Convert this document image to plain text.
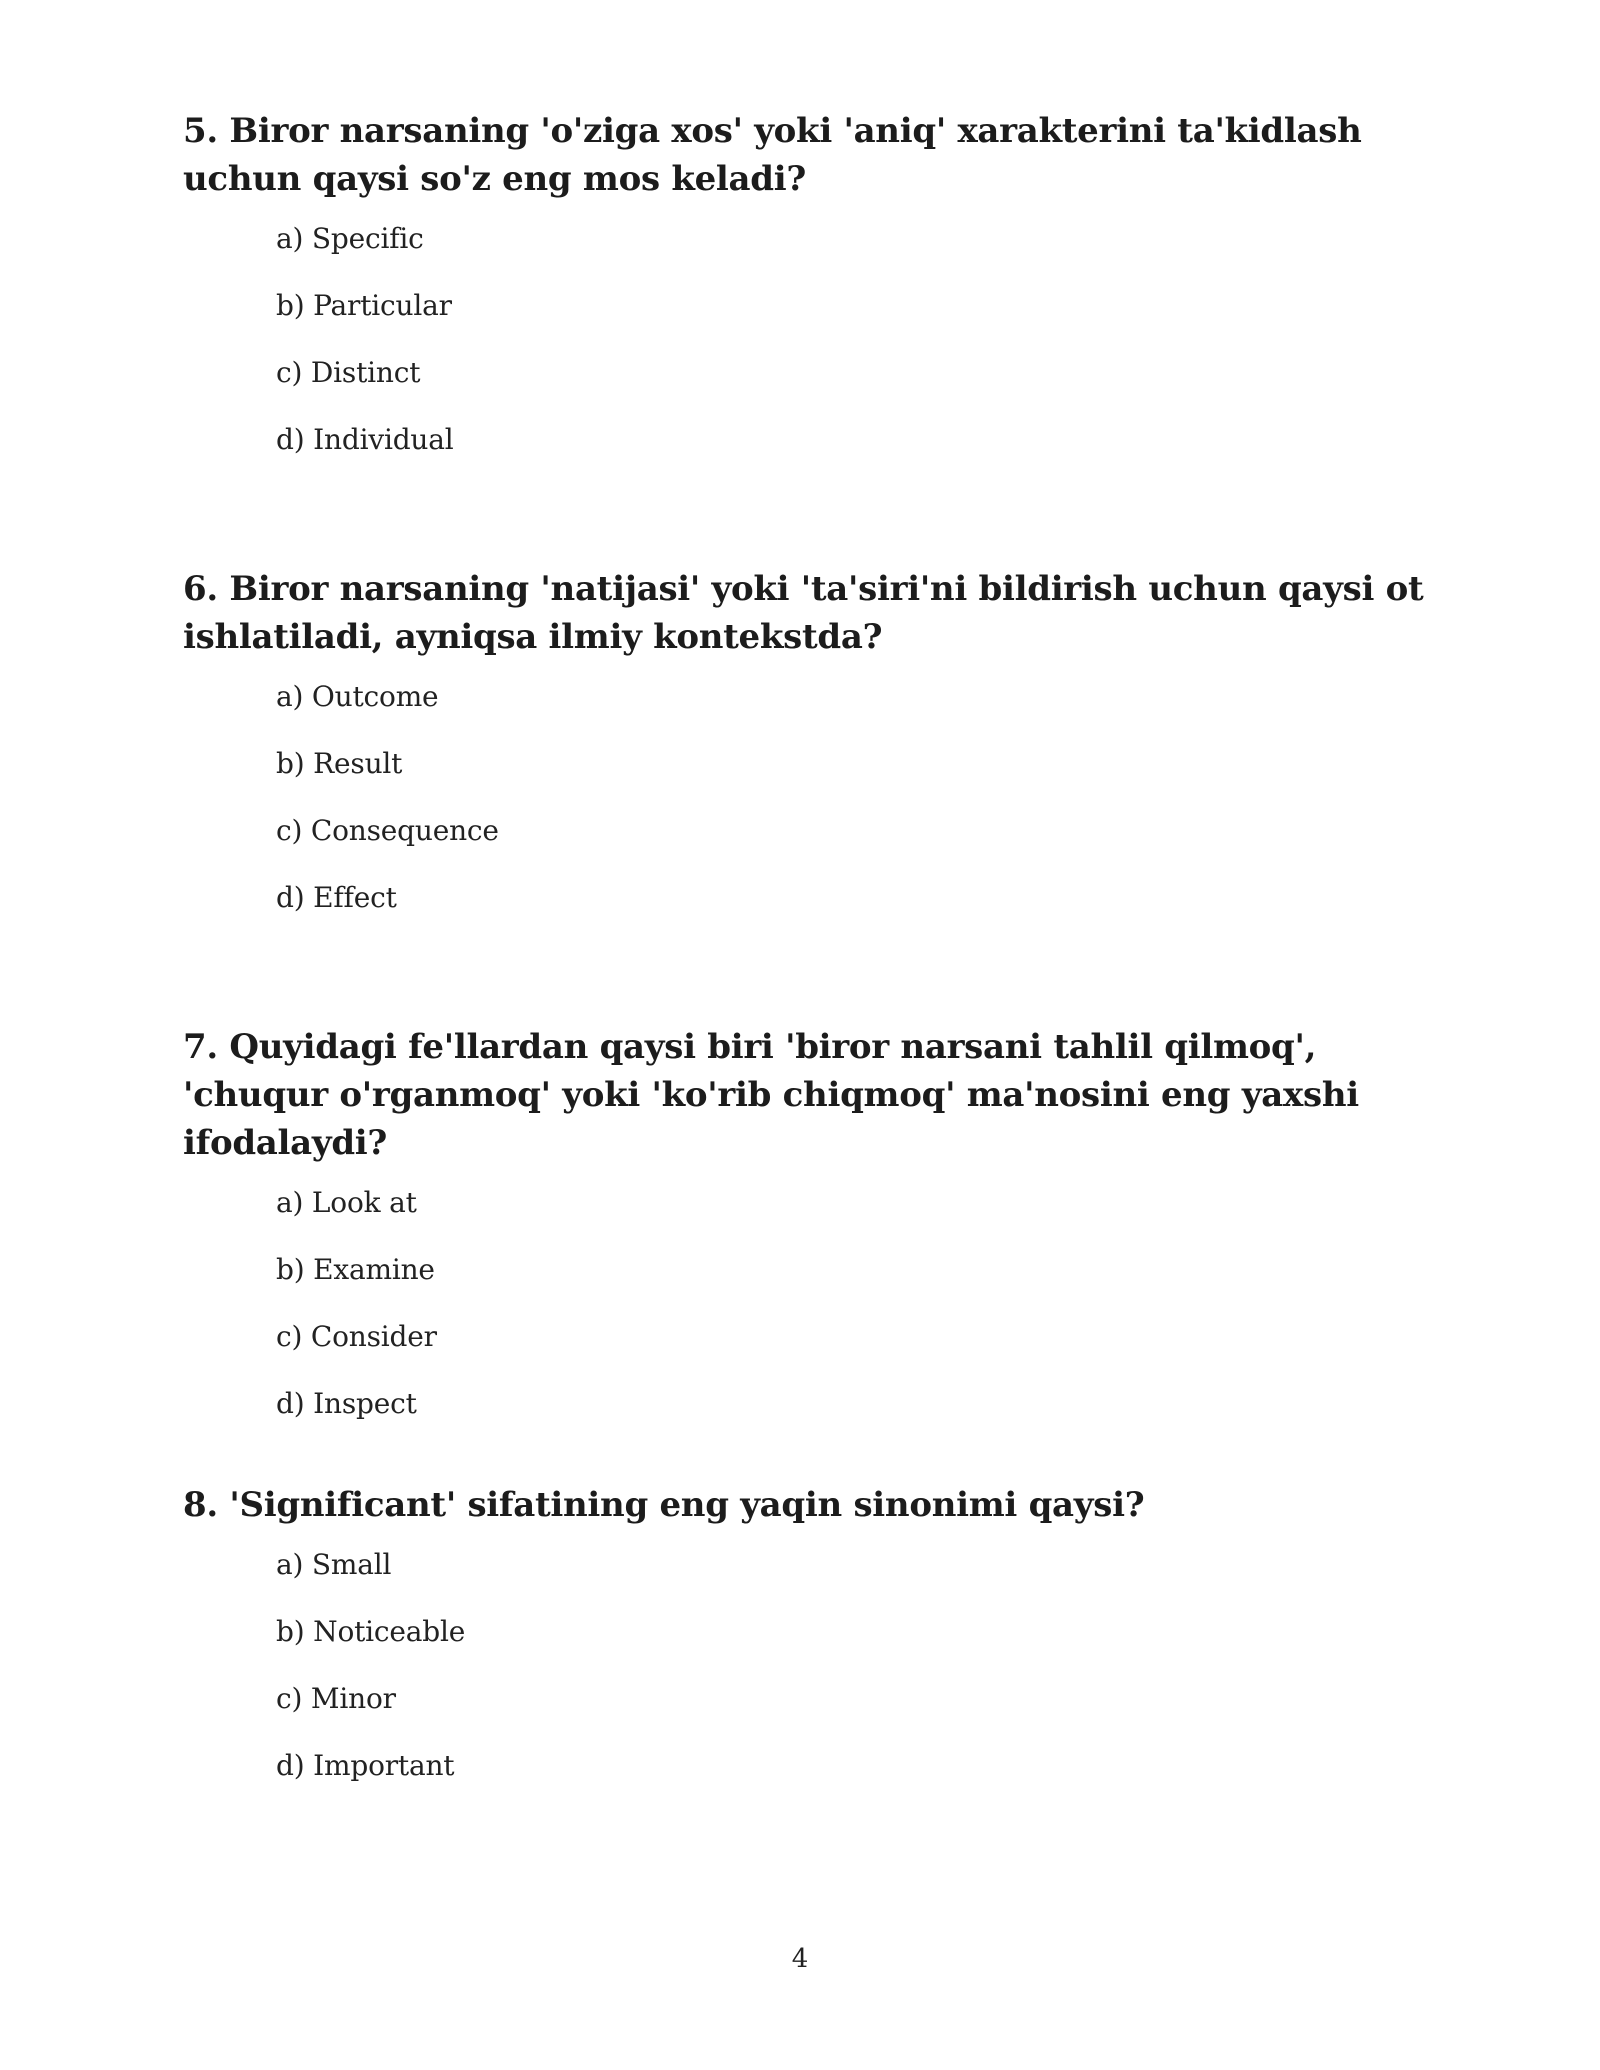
5. Biror narsaning 'o'ziga xos' yoki 'aniq' xarakterini ta'kidlash uchun qaysi so'z eng mos keladi?

a) Specific
b) Particular
c) Distinct
d) Individual

6. Biror narsaning 'natijasi' yoki 'ta'siri'ni bildirish uchun qaysi ot ishlatiladi, ayniqsa ilmiy kontekstda?

a) Outcome
b) Result
c) Consequence
d) Effect

7. Quyidagi fe'llardan qaysi biri 'biror narsani tahlil qilmoq', 'chuqur o'rganmoq' yoki 'ko'rib chiqmoq' ma'nosini eng yaxshi ifodalaydi?

a) Look at
b) Examine
c) Consider
d) Inspect

8. 'Significant' sifatining eng yaqin sinonimi qaysi?

a) Small
b) Noticeable
c) Minor
d) Important
4
